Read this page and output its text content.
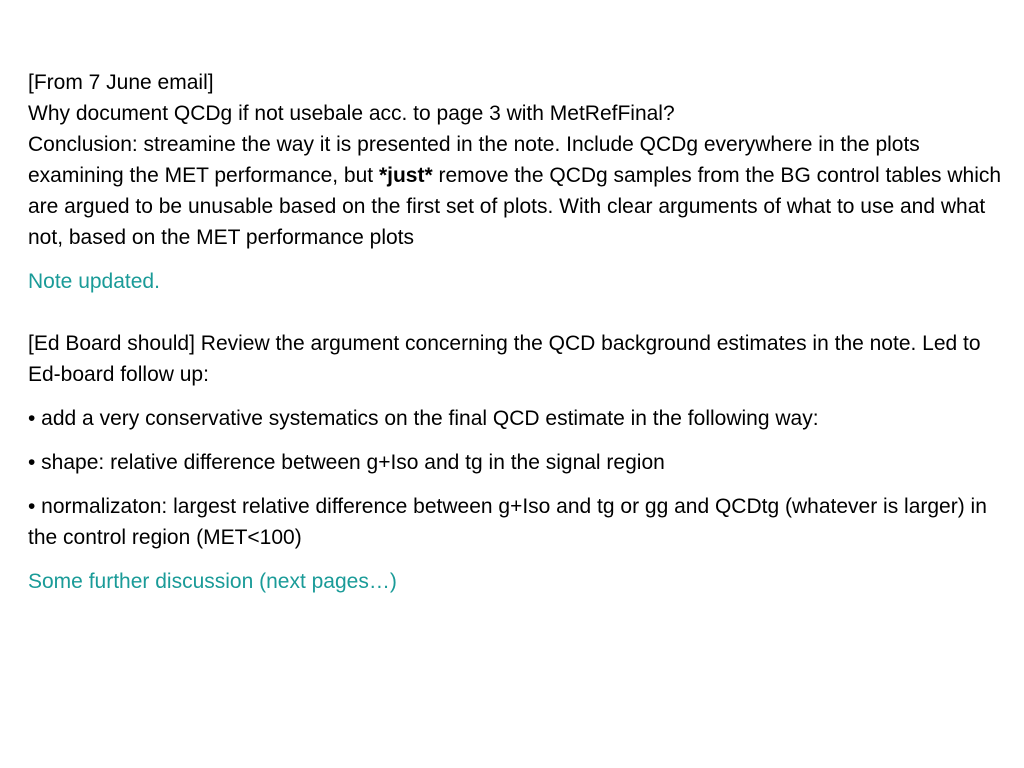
[From 7 June email]

Why document QCDg if not usebale acc. to page 3 with MetRefFinal?

Conclusion: streamine the way it is presented in the note. Include QCDg everywhere in the plots examining the MET performance, but *just* remove the QCDg samples from the BG control tables which are argued to be unusable based on the first set of plots. With clear arguments of what to use and what not, based on the MET performance plots

Note updated.

[Ed Board should] Review the argument concerning the QCD background estimates in the note. Led to Ed-board follow up:

• add a very conservative systematics on the final QCD estimate in the following way:

• shape: relative difference between g+Iso and tg in the signal region

• normalizaton: largest relative difference between g+Iso and tg or gg and QCDtg (whatever is larger) in the control region (MET<100)

Some further discussion (next pages…)
